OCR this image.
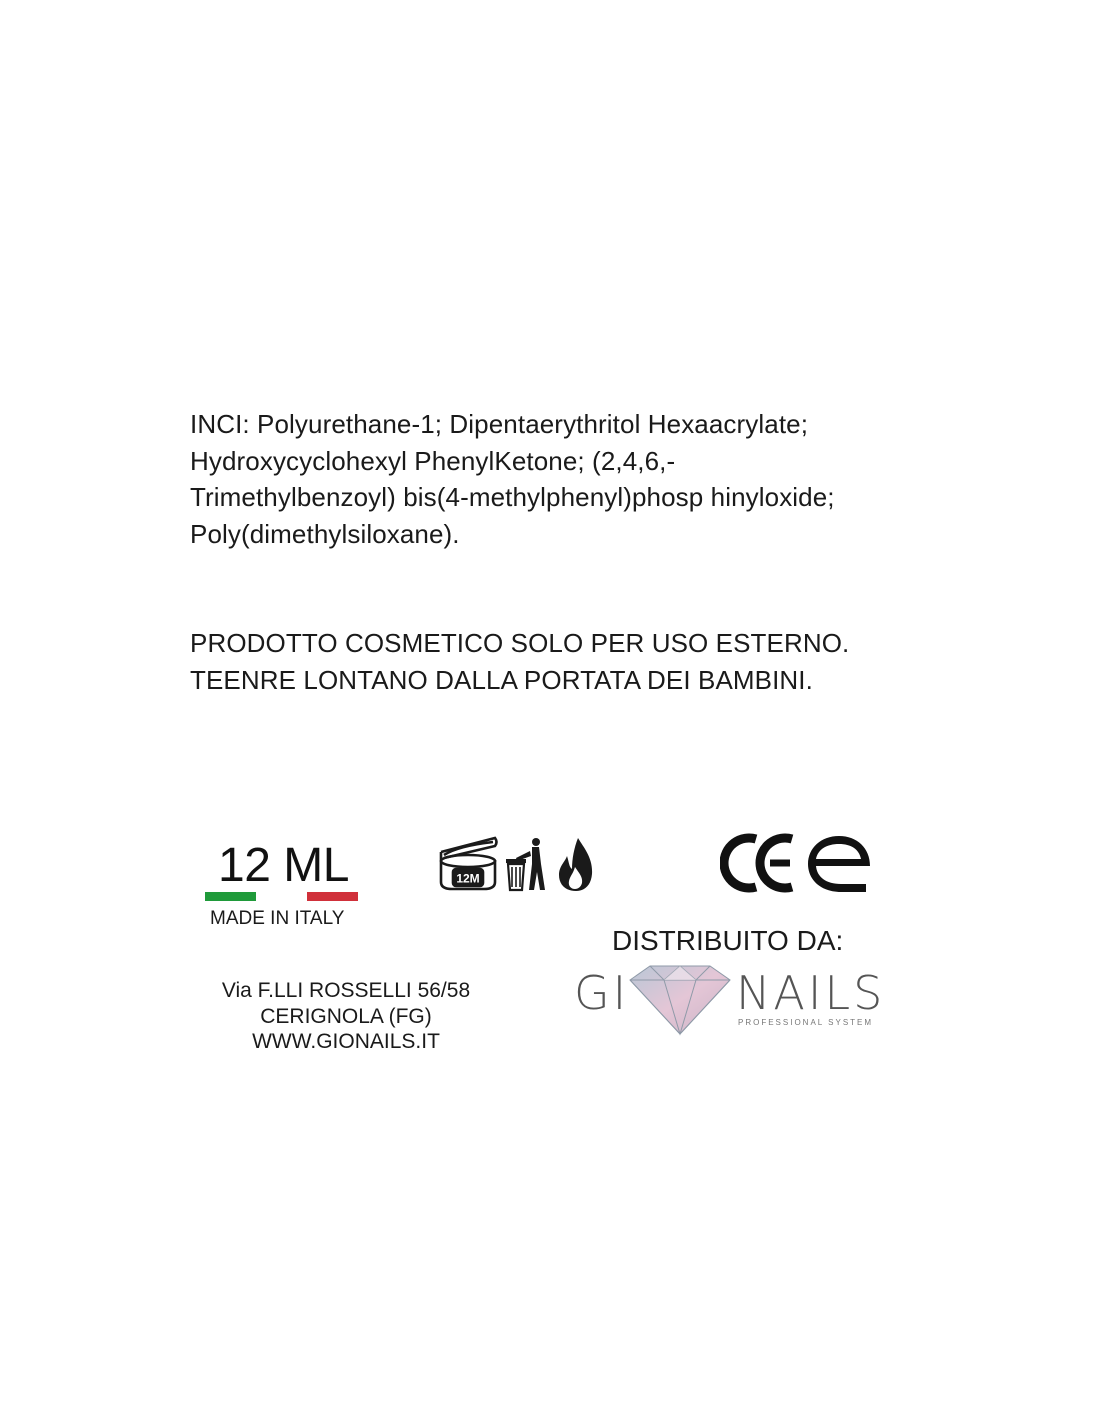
INCI: Polyurethane-1; Dipentaerythritol Hexaacrylate;
Hydroxycyclohexyl PhenylKetone; (2,4,6,-
Trimethylbenzoyl) bis(4-methylphenyl)phosp hinyloxide;
Poly(dimethylsiloxane).
PRODOTTO COSMETICO SOLO PER USO ESTERNO.
TEENRE LONTANO DALLA PORTATA DEI BAMBINI.
12 ML
MADE IN ITALY
12M
DISTRIBUITO DA:
Via F.LLI ROSSELLI 56/58
CERIGNOLA (FG)
WWW.GIONAILS.IT
GI NAILS
PROFESSIONAL SYSTEM
